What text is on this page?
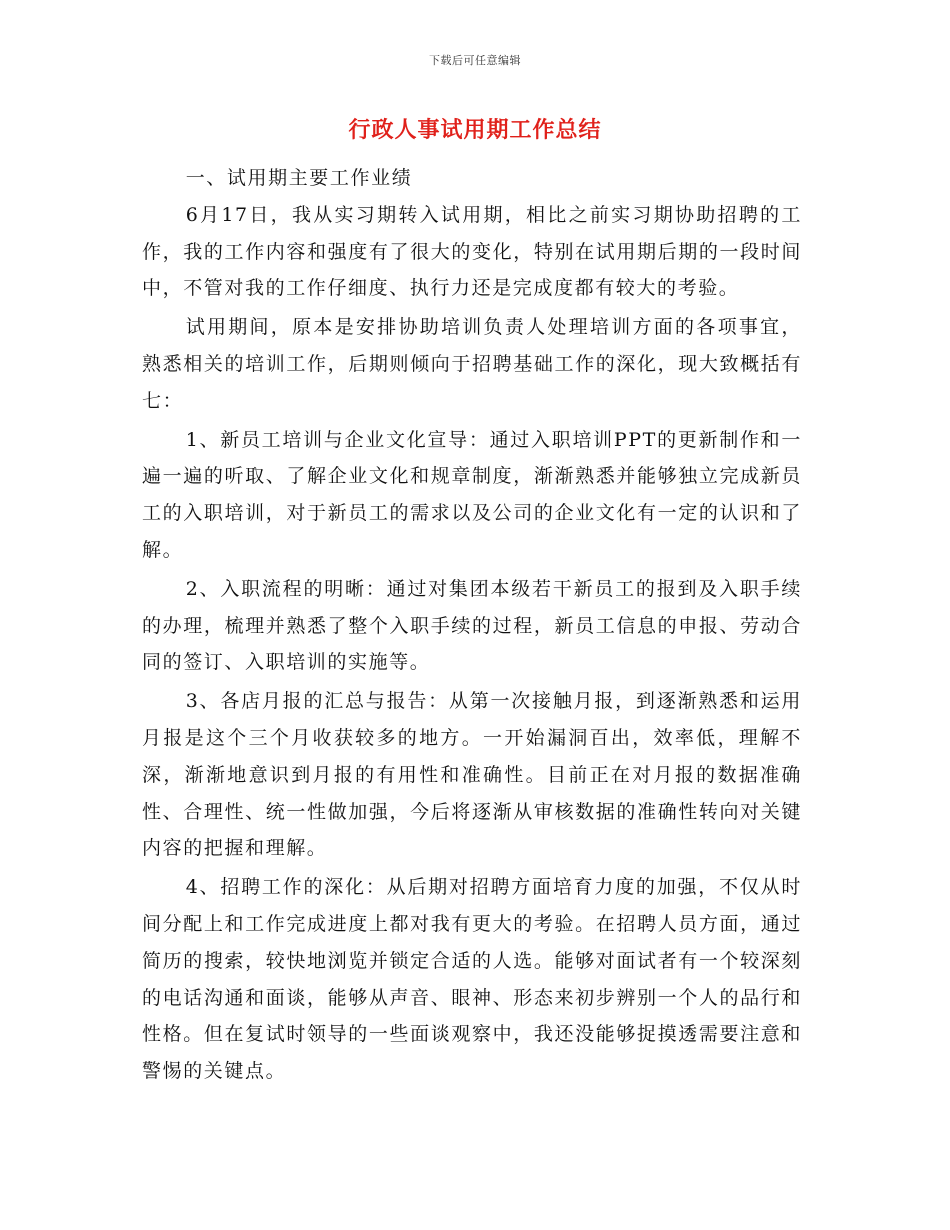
下载后可任意编辑
行政人事试用期工作总结

一、试用期主要工作业绩

6月17日，我从实习期转入试用期，相比之前实习期协助招聘的工作，我的工作内容和强度有了很大的变化，特别在试用期后期的一段时间中，不管对我的工作仔细度、执行力还是完成度都有较大的考验。

试用期间，原本是安排协助培训负责人处理培训方面的各项事宜，熟悉相关的培训工作，后期则倾向于招聘基础工作的深化，现大致概括有七：

1、新员工培训与企业文化宣导：通过入职培训PPT的更新制作和一遍一遍的听取、了解企业文化和规章制度，渐渐熟悉并能够独立完成新员工的入职培训，对于新员工的需求以及公司的企业文化有一定的认识和了解。

2、入职流程的明晰：通过对集团本级若干新员工的报到及入职手续的办理，梳理并熟悉了整个入职手续的过程，新员工信息的申报、劳动合同的签订、入职培训的实施等。

3、各店月报的汇总与报告：从第一次接触月报，到逐渐熟悉和运用月报是这个三个月收获较多的地方。一开始漏洞百出，效率低，理解不深，渐渐地意识到月报的有用性和准确性。目前正在对月报的数据准确性、合理性、统一性做加强，今后将逐渐从审核数据的准确性转向对关键内容的把握和理解。

4、招聘工作的深化：从后期对招聘方面培育力度的加强，不仅从时间分配上和工作完成进度上都对我有更大的考验。在招聘人员方面，通过简历的搜索，较快地浏览并锁定合适的人选。能够对面试者有一个较深刻的电话沟通和面谈，能够从声音、眼神、形态来初步辨别一个人的品行和性格。但在复试时领导的一些面谈观察中，我还没能够捉摸透需要注意和警惕的关键点。
